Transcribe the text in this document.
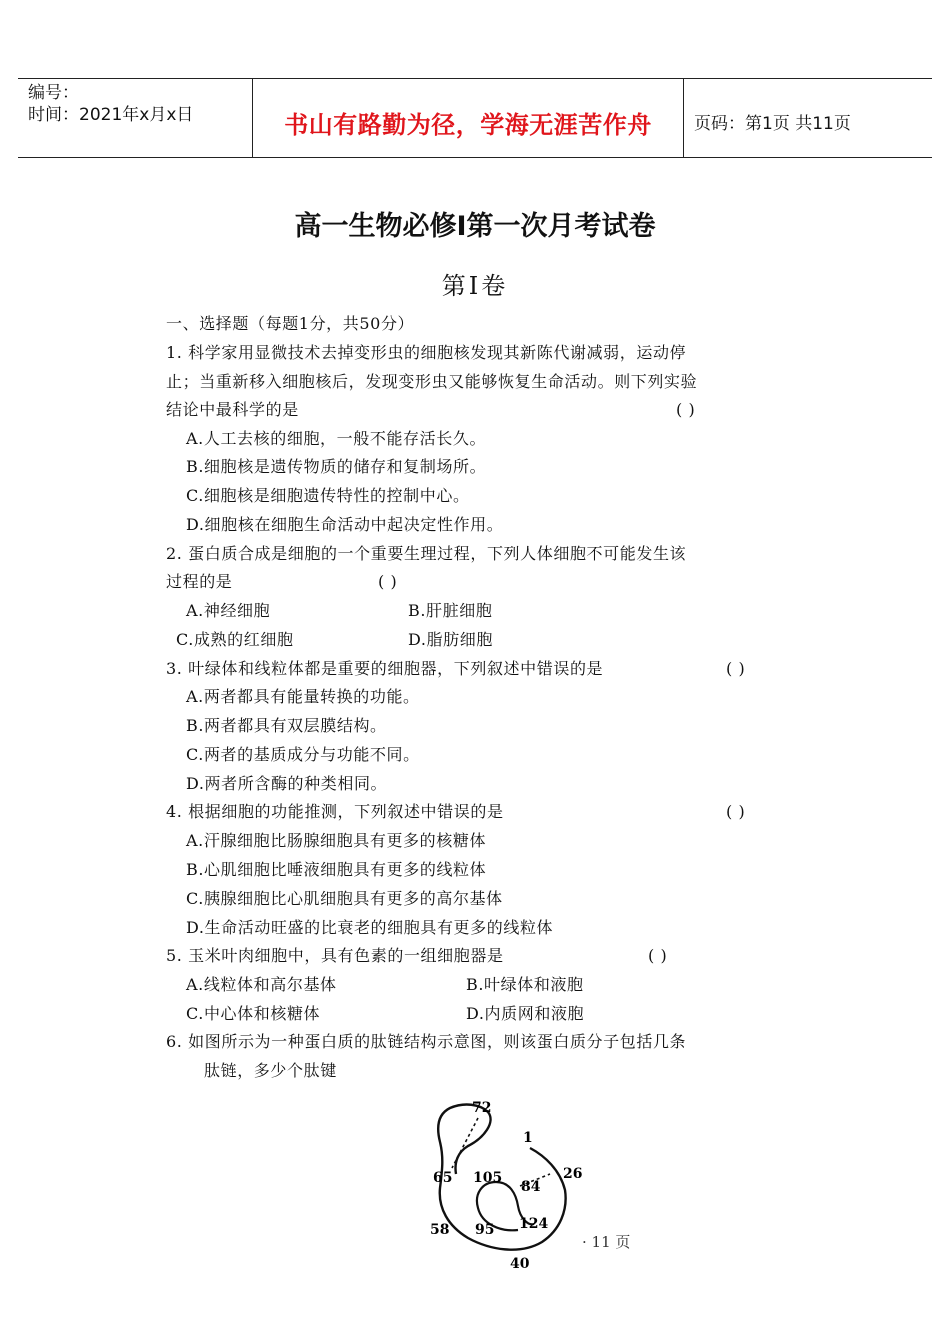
编号：
时间：2021年x月x日	书山有路勤为径，学海无涯苦作舟	页码：第1页 共11页
高一生物必修Ⅰ第一次月考试卷
第Ⅰ卷
一、选择题（每题1分，共50分）
1. 科学家用显微技术去掉变形虫的细胞核发现其新陈代谢减弱，运动停
止；当重新移入细胞核后，发现变形虫又能够恢复生命活动。则下列实验
结论中最科学的是	( )
A.人工去核的细胞，一般不能存活长久。
B.细胞核是遗传物质的储存和复制场所。
C.细胞核是细胞遗传特性的控制中心。
D.细胞核在细胞生命活动中起决定性作用。
2. 蛋白质合成是细胞的一个重要生理过程，下列人体细胞不可能发生该
过程的是	( )
A.神经细胞	B.肝脏细胞
C.成熟的红细胞	D.脂肪细胞
3. 叶绿体和线粒体都是重要的细胞器，下列叙述中错误的是	( )
A.两者都具有能量转换的功能。
B.两者都具有双层膜结构。
C.两者的基质成分与功能不同。
D.两者所含酶的种类相同。
4. 根据细胞的功能推测，下列叙述中错误的是	( )
A.汗腺细胞比肠腺细胞具有更多的核糖体
B.心肌细胞比唾液细胞具有更多的线粒体
C.胰腺细胞比心肌细胞具有更多的高尔基体
D.生命活动旺盛的比衰老的细胞具有更多的线粒体
5. 玉米叶肉细胞中，具有色素的一组细胞器是	( )
A.线粒体和高尔基体	B.叶绿体和液胞
C.中心体和核糖体	D.内质网和液胞
6. 如图所示为一种蛋白质的肽链结构示意图，则该蛋白质分子包括几条
肽链，多少个肽键
72
1
26
65 105
84
58 95 124
40
· 11 页
